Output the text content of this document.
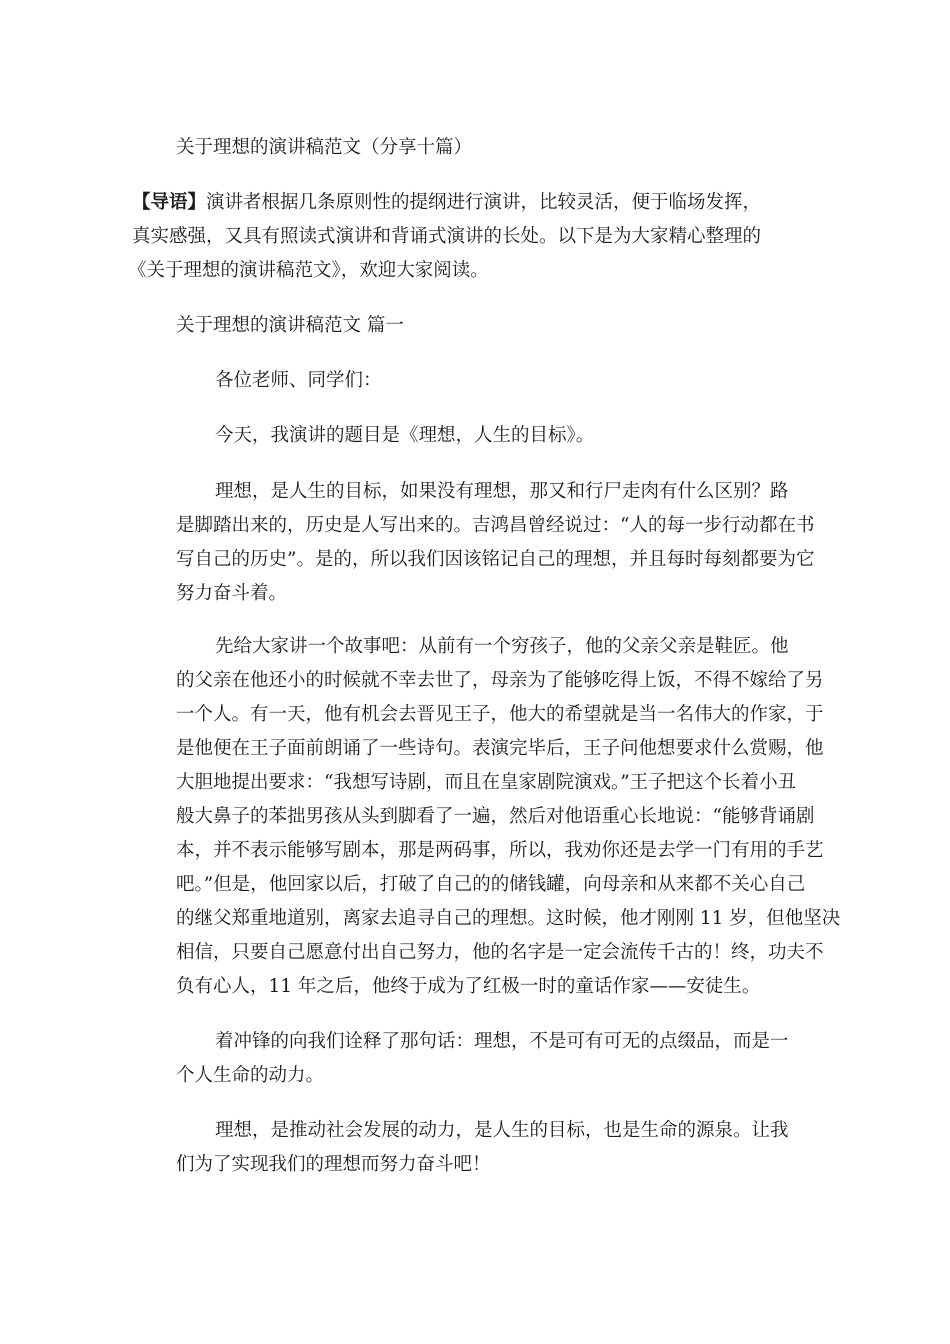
关于理想的演讲稿范文（分享十篇）

【导语】演讲者根据几条原则性的提纲进行演讲，比较灵活，便于临场发挥，

真实感强，又具有照读式演讲和背诵式演讲的长处。以下是为大家精心整理的

《关于理想的演讲稿范文》，欢迎大家阅读。

关于理想的演讲稿范文 篇一

各位老师、同学们：

今天，我演讲的题目是《理想，人生的目标》。

理想，是人生的目标，如果没有理想，那又和行尸走肉有什么区别？路

是脚踏出来的，历史是人写出来的。吉鸿昌曾经说过：“人的每一步行动都在书

写自己的历史”。是的，所以我们因该铭记自己的理想，并且每时每刻都要为它

努力奋斗着。

先给大家讲一个故事吧：从前有一个穷孩子，他的父亲父亲是鞋匠。他

的父亲在他还小的时候就不幸去世了，母亲为了能够吃得上饭，不得不嫁给了另

一个人。有一天，他有机会去晋见王子，他大的希望就是当一名伟大的作家，于

是他便在王子面前朗诵了一些诗句。表演完毕后，王子问他想要求什么赏赐，他

大胆地提出要求：“我想写诗剧，而且在皇家剧院演戏。”王子把这个长着小丑

般大鼻子的苯拙男孩从头到脚看了一遍，然后对他语重心长地说：“能够背诵剧

本，并不表示能够写剧本，那是两码事，所以，我劝你还是去学一门有用的手艺

吧。”但是，他回家以后，打破了自己的的储钱罐，向母亲和从来都不关心自己

的继父郑重地道别，离家去追寻自己的理想。这时候，他才刚刚 11 岁，但他坚决

相信，只要自己愿意付出自己努力，他的名字是一定会流传千古的！终，功夫不

负有心人，11 年之后，他终于成为了红极一时的童话作家——安徒生。

着冲锋的向我们诠释了那句话：理想，不是可有可无的点缀品，而是一

个人生命的动力。

理想，是推动社会发展的动力，是人生的目标，也是生命的源泉。让我

们为了实现我们的理想而努力奋斗吧！
